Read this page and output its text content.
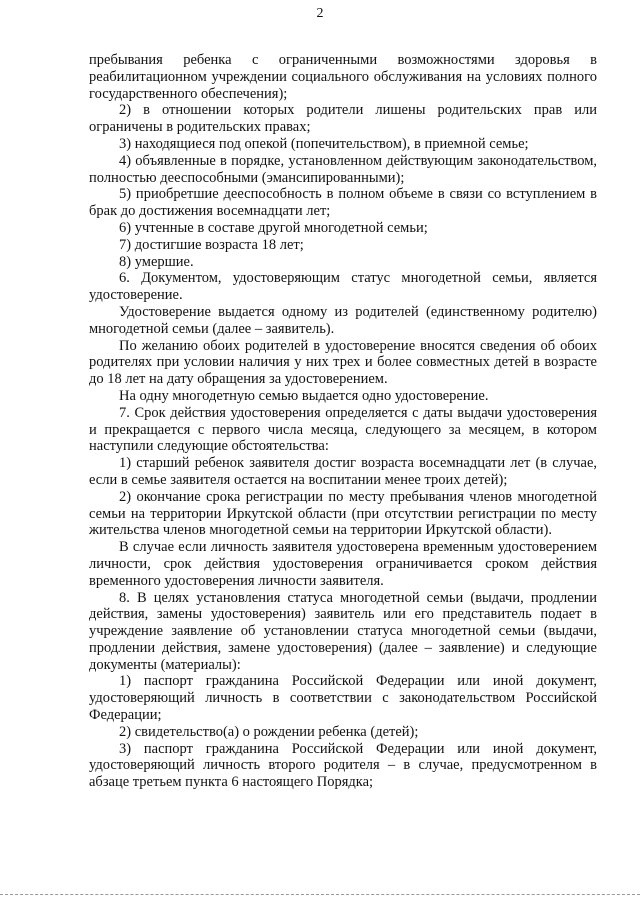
2

пребывания ребенка с ограниченными возможностями здоровья в реабилитационном учреждении социального обслуживания на условиях полного государственного обеспечения);

2) в отношении которых родители лишены родительских прав или ограничены в родительских правах;

3) находящиеся под опекой (попечительством), в приемной семье;

4) объявленные в порядке, установленном действующим законодательством, полностью дееспособными (эмансипированными);

5) приобретшие дееспособность в полном объеме в связи со вступлением в брак до достижения восемнадцати лет;

6) учтенные в составе другой многодетной семьи;

7) достигшие возраста 18 лет;

8) умершие.

6. Документом, удостоверяющим статус многодетной семьи, является удостоверение.

Удостоверение выдается одному из родителей (единственному родителю) многодетной семьи (далее – заявитель).

По желанию обоих родителей в удостоверение вносятся сведения об обоих родителях при условии наличия у них трех и более совместных детей в возрасте до 18 лет на дату обращения за удостоверением.

На одну многодетную семью выдается одно удостоверение.

7. Срок действия удостоверения определяется с даты выдачи удостоверения и прекращается с первого числа месяца, следующего за месяцем, в котором наступили следующие обстоятельства:

1) старший ребенок заявителя достиг возраста восемнадцати лет (в случае, если в семье заявителя остается на воспитании менее троих детей);

2) окончание срока регистрации по месту пребывания членов многодетной семьи на территории Иркутской области (при отсутствии регистрации по месту жительства членов многодетной семьи на территории Иркутской области).

В случае если личность заявителя удостоверена временным удостоверением личности, срок действия удостоверения ограничивается сроком действия временного удостоверения личности заявителя.

8. В целях установления статуса многодетной семьи (выдачи, продлении действия, замены удостоверения) заявитель или его представитель подает в учреждение заявление об установлении статуса многодетной семьи (выдачи, продлении действия, замене удостоверения) (далее – заявление) и следующие документы (материалы):

1) паспорт гражданина Российской Федерации или иной документ, удостоверяющий личность в соответствии с законодательством Российской Федерации;

2) свидетельство(а) о рождении ребенка (детей);

3) паспорт гражданина Российской Федерации или иной документ, удостоверяющий личность второго родителя – в случае, предусмотренном в абзаце третьем пункта 6 настоящего Порядка;
